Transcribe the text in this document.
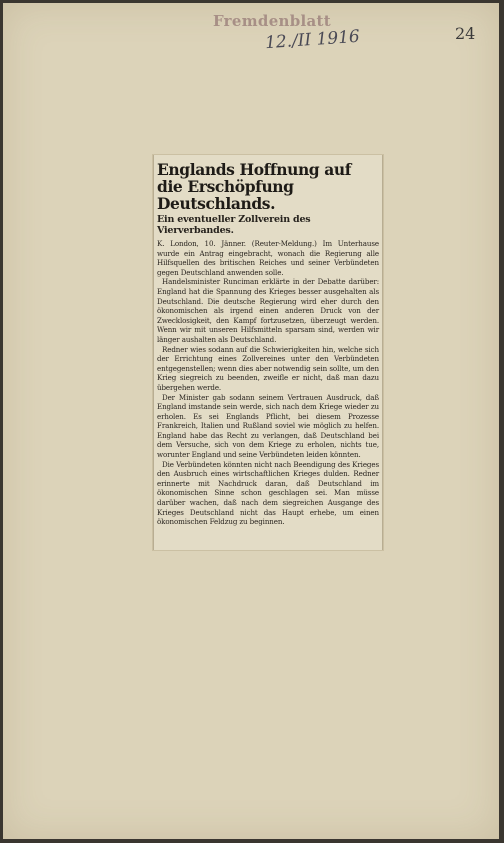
Fremdenblatt
12./II 1916	24
Englands Hoffnung auf die Erschöpfung Deutschlands.
Ein eventueller Zollverein des Vierverbandes.

K. London, 10. Jänner. (Reuter-Meldung.) Im Unterhause wurde ein Antrag eingebracht, wonach die Regierung alle Hilfsquellen des britischen Reiches und seiner Verbündeten gegen Deutschland anwenden solle.

Handelsminister Runciman erklärte in der Debatte darüber: England hat die Spannung des Krieges besser ausgehalten als Deutschland. Die deutsche Regierung wird eher durch den ökonomischen als irgend einen anderen Druck von der Zwecklosigkeit, den Kampf fortzusetzen, überzeugt werden. Wenn wir mit unseren Hilfsmitteln sparsam sind, werden wir länger aushalten als Deutschland.

Redner wies sodann auf die Schwierigkeiten hin, welche sich der Errichtung eines Zollvereines unter den Verbündeten entgegenstellen; wenn dies aber notwendig sein sollte, um den Krieg siegreich zu beenden, zweifle er nicht, daß man dazu übergehen werde.

Der Minister gab sodann seinem Vertrauen Ausdruck, daß England imstande sein werde, sich nach dem Kriege wieder zu erholen. Es sei Englands Pflicht, bei diesem Prozesse Frankreich, Italien und Rußland soviel wie möglich zu helfen. England habe das Recht zu verlangen, daß Deutschland bei dem Versuche, sich von dem Kriege zu erholen, nichts tue, worunter England und seine Verbündeten leiden könnten.

Die Verbündeten könnten nicht nach Beendigung des Krieges den Ausbruch eines wirtschaftlichen Krieges dulden. Redner erinnerte mit Nachdruck daran, daß Deutschland im ökonomischen Sinne schon geschlagen sei. Man müsse darüber wachen, daß nach dem siegreichen Ausgange des Krieges Deutschland nicht das Haupt erhebe, um einen ökonomischen Feldzug zu beginnen.
